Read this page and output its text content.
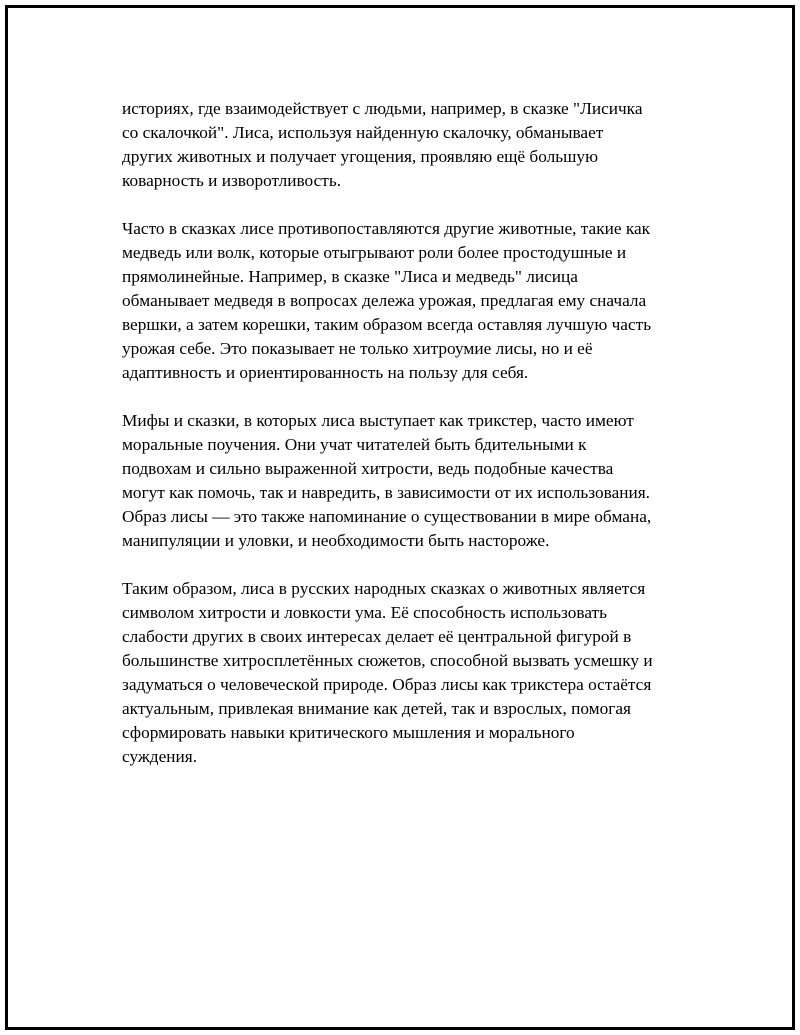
историях, где взаимодействует с людьми, например, в сказке "Лисичка
со скалочкой". Лиса, используя найденную скалочку, обманывает
других животных и получает угощения, проявляю ещё большую
коварность и изворотливость.

Часто в сказках лисе противопоставляются другие животные, такие как
медведь или волк, которые отыгрывают роли более простодушные и
прямолинейные. Например, в сказке "Лиса и медведь" лисица
обманывает медведя в вопросах дележа урожая, предлагая ему сначала
вершки, а затем корешки, таким образом всегда оставляя лучшую часть
урожая себе. Это показывает не только хитроумие лисы, но и её
адаптивность и ориентированность на пользу для себя.

Мифы и сказки, в которых лиса выступает как трикстер, часто имеют
моральные поучения. Они учат читателей быть бдительными к
подвохам и сильно выраженной хитрости, ведь подобные качества
могут как помочь, так и навредить, в зависимости от их использования.
Образ лисы — это также напоминание о существовании в мире обмана,
манипуляции и уловки, и необходимости быть настороже.

Таким образом, лиса в русских народных сказках о животных является
символом хитрости и ловкости ума. Её способность использовать
слабости других в своих интересах делает её центральной фигурой в
большинстве хитросплетённых сюжетов, способной вызвать усмешку и
задуматься о человеческой природе. Образ лисы как трикстера остаётся
актуальным, привлекая внимание как детей, так и взрослых, помогая
сформировать навыки критического мышления и морального
суждения.
